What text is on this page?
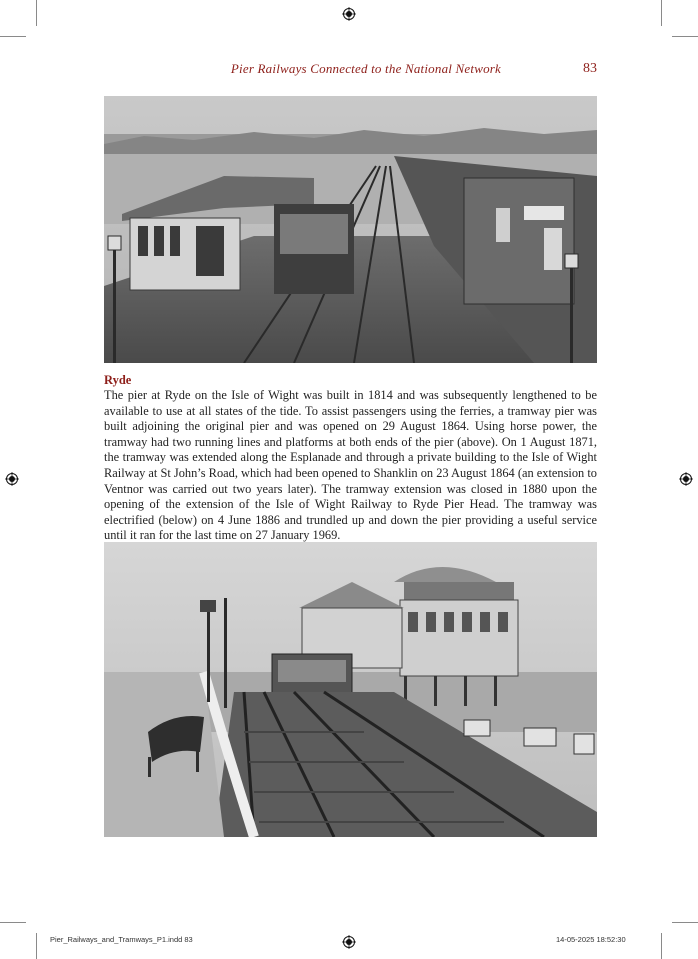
Pier Railways Connected to the National Network	83
Ryde
The pier at Ryde on the Isle of Wight was built in 1814 and was subsequently lengthened to be available to use at all states of the tide. To assist passengers using the ferries, a tramway pier was built adjoining the original pier and was opened on 29 August 1864. Using horse power, the tramway had two running lines and platforms at both ends of the pier (above). On 1 August 1871, the tramway was extended along the Esplanade and through a private building to the Isle of Wight Railway at St John’s Road, which had been opened to Shanklin on 23 August 1864 (an extension to Ventnor was carried out two years later). The tramway extension was closed in 1880 upon the opening of the extension of the Isle of Wight Railway to Ryde Pier Head. The tramway was electrified (below) on 4 June 1886 and trundled up and down the pier providing a useful service until it ran for the last time on 27 January 1969.
Pier_Railways_and_Tramways_P1.indd 83	14-05-2025 18:52:30
